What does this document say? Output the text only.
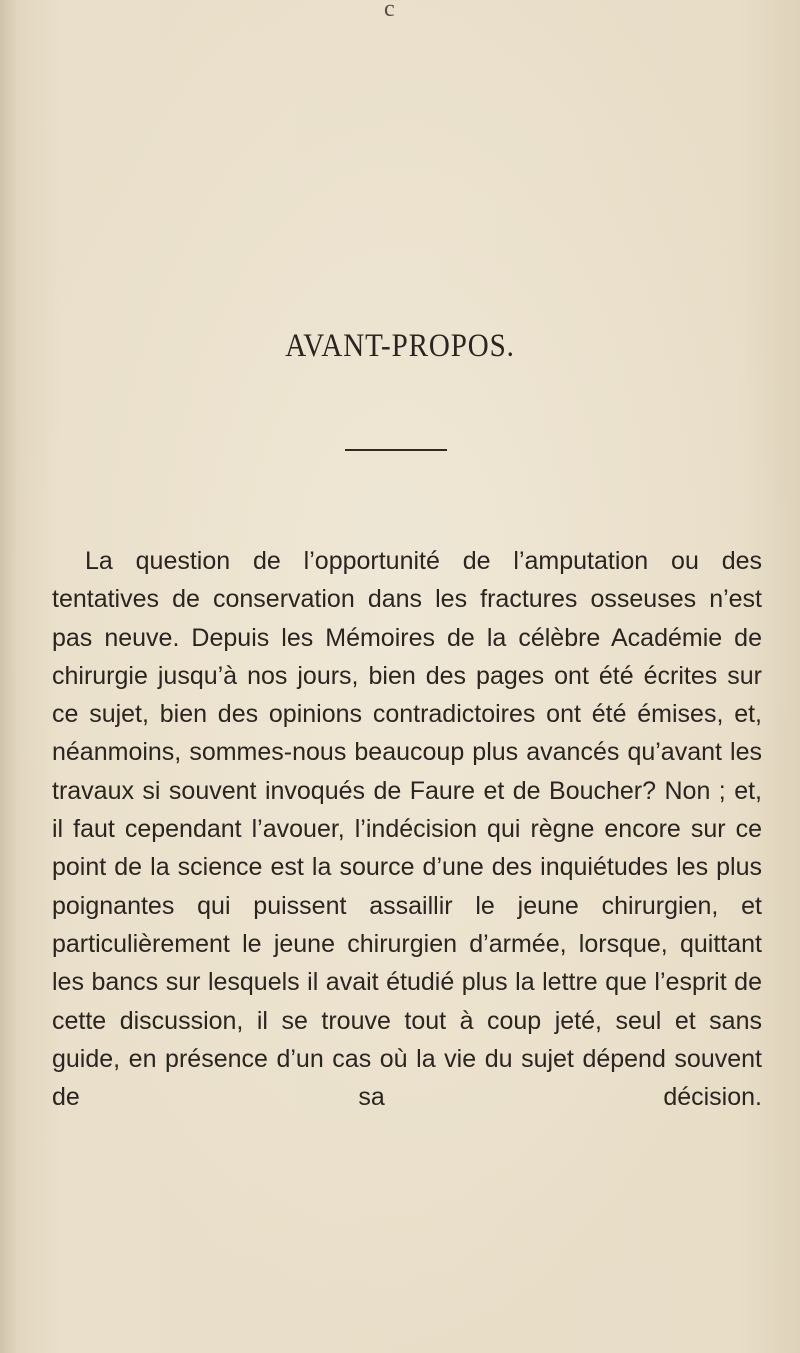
c
AVANT-PROPOS.

La question de l’opportunité de l’amputation ou des tentatives de conservation dans les fractures osseuses n’est pas neuve. Depuis les Mémoires de la célèbre Académie de chirurgie jusqu’à nos jours, bien des pages ont été écrites sur ce sujet, bien des opinions contradictoires ont été émises, et, néanmoins, sommes-nous beaucoup plus avancés qu’avant les travaux si souvent invoqués de Faure et de Boucher? Non ; et, il faut cependant l’avouer, l’indécision qui règne encore sur ce point de la science est la source d’une des inquiétudes les plus poignantes qui puissent assaillir le jeune chirurgien, et particulièrement le jeune chirurgien d’armée, lorsque, quittant les bancs sur lesquels il avait étudié plus la lettre que l’esprit de cette discussion, il se trouve tout à coup jeté, seul et sans guide, en présence d’un cas où la vie du sujet dépend souvent de sa décision.
